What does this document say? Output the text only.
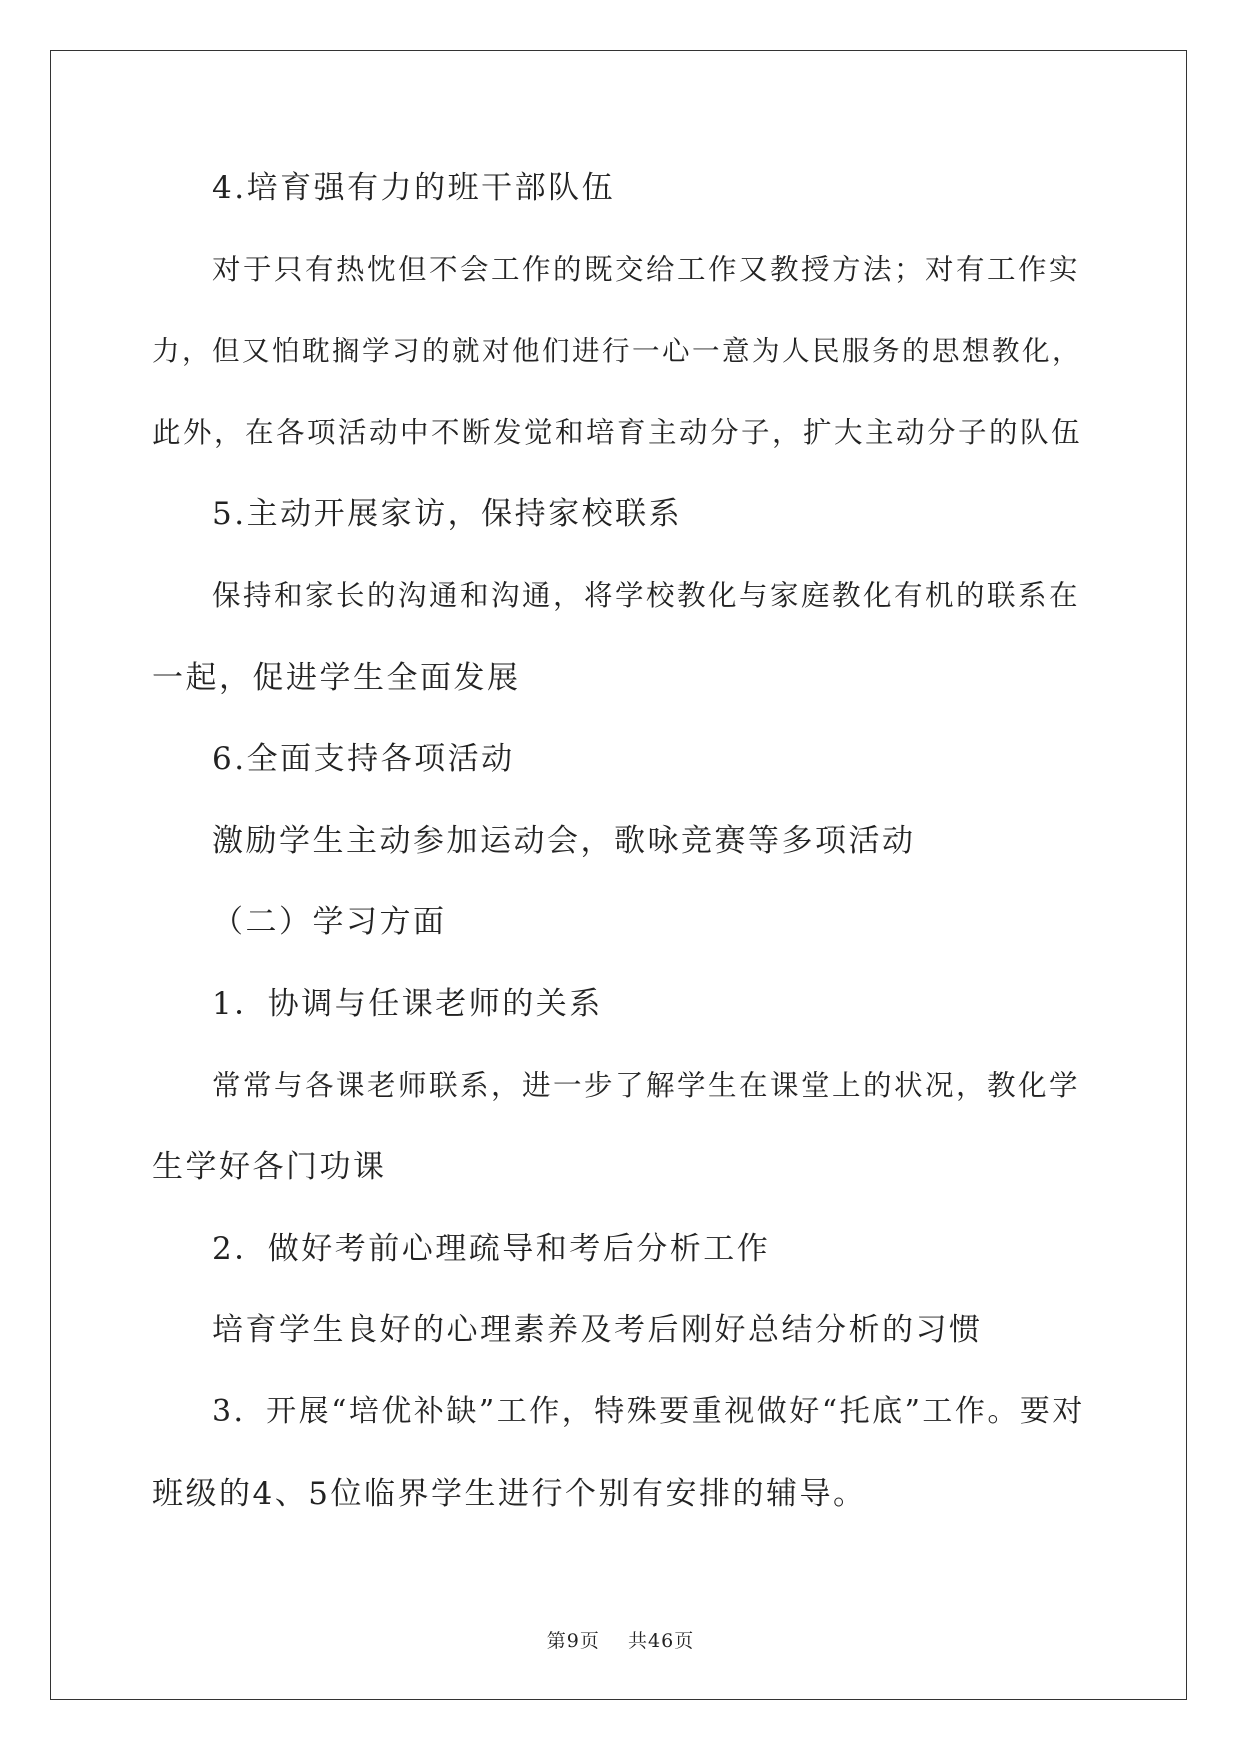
4.培育强有力的班干部队伍
对于只有热忱但不会工作的既交给工作又教授方法；对有工作实
力，但又怕耽搁学习的就对他们进行一心一意为人民服务的思想教化，
此外，在各项活动中不断发觉和培育主动分子，扩大主动分子的队伍
5.主动开展家访，保持家校联系
保持和家长的沟通和沟通，将学校教化与家庭教化有机的联系在
一起，促进学生全面发展
6.全面支持各项活动
激励学生主动参加运动会，歌咏竞赛等多项活动
（二）学习方面
1．协调与任课老师的关系
常常与各课老师联系，进一步了解学生在课堂上的状况，教化学
生学好各门功课
2．做好考前心理疏导和考后分析工作
培育学生良好的心理素养及考后刚好总结分析的习惯
3．开展“培优补缺”工作，特殊要重视做好“托底”工作。要对
班级的4、5位临界学生进行个别有安排的辅导。
第9页 共46页
